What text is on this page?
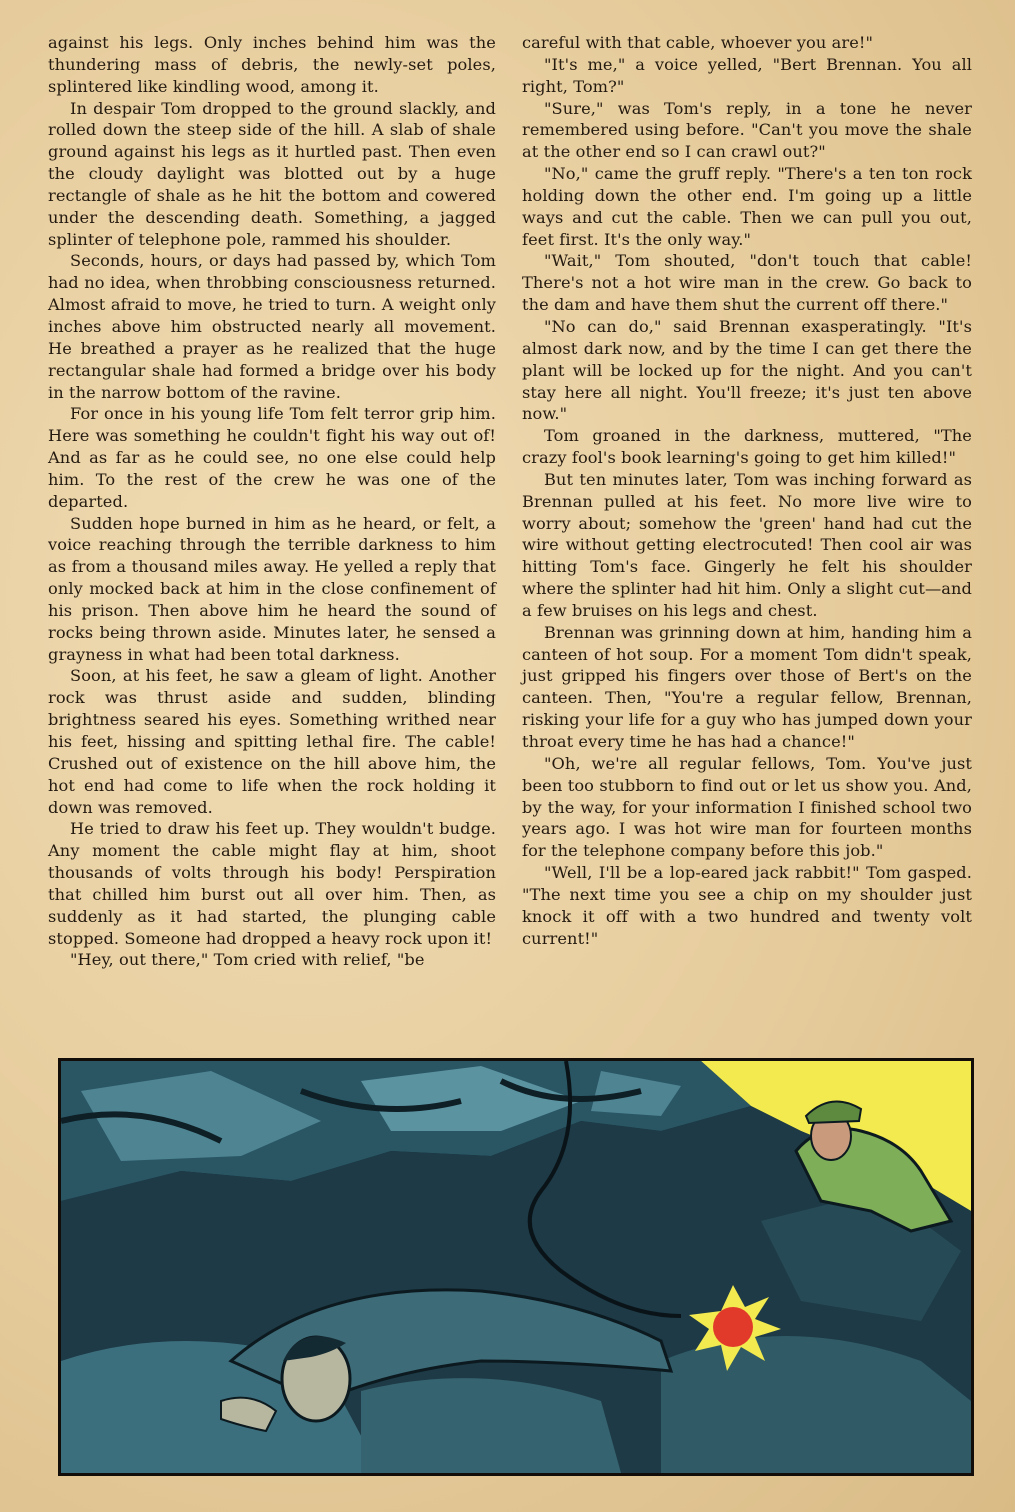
against his legs. Only inches behind him was the thundering mass of debris, the newly-set poles, splintered like kindling wood, among it.

In despair Tom dropped to the ground slackly, and rolled down the steep side of the hill. A slab of shale ground against his legs as it hurtled past. Then even the cloudy daylight was blotted out by a huge rectangle of shale as he hit the bottom and cowered under the descending death. Something, a jagged splinter of telephone pole, rammed his shoulder.

Seconds, hours, or days had passed by, which Tom had no idea, when throbbing consciousness returned. Almost afraid to move, he tried to turn. A weight only inches above him obstructed nearly all movement. He breathed a prayer as he realized that the huge rectangular shale had formed a bridge over his body in the narrow bottom of the ravine.

For once in his young life Tom felt terror grip him. Here was something he couldn't fight his way out of! And as far as he could see, no one else could help him. To the rest of the crew he was one of the departed.

Sudden hope burned in him as he heard, or felt, a voice reaching through the terrible darkness to him as from a thousand miles away. He yelled a reply that only mocked back at him in the close confinement of his prison. Then above him he heard the sound of rocks being thrown aside. Minutes later, he sensed a grayness in what had been total darkness.

Soon, at his feet, he saw a gleam of light. Another rock was thrust aside and sudden, blinding brightness seared his eyes. Something writhed near his feet, hissing and spitting lethal fire. The cable! Crushed out of existence on the hill above him, the hot end had come to life when the rock holding it down was removed.

He tried to draw his feet up. They wouldn't budge. Any moment the cable might flay at him, shoot thousands of volts through his body! Perspiration that chilled him burst out all over him. Then, as suddenly as it had started, the plunging cable stopped. Someone had dropped a heavy rock upon it!

"Hey, out there," Tom cried with relief, "be

careful with that cable, whoever you are!"

"It's me," a voice yelled, "Bert Brennan. You all right, Tom?"

"Sure," was Tom's reply, in a tone he never remembered using before. "Can't you move the shale at the other end so I can crawl out?"

"No," came the gruff reply. "There's a ten ton rock holding down the other end. I'm going up a little ways and cut the cable. Then we can pull you out, feet first. It's the only way."

"Wait," Tom shouted, "don't touch that cable! There's not a hot wire man in the crew. Go back to the dam and have them shut the current off there."

"No can do," said Brennan exasperatingly. "It's almost dark now, and by the time I can get there the plant will be locked up for the night. And you can't stay here all night. You'll freeze; it's just ten above now."

Tom groaned in the darkness, muttered, "The crazy fool's book learning's going to get him killed!"

But ten minutes later, Tom was inching forward as Brennan pulled at his feet. No more live wire to worry about; somehow the 'green' hand had cut the wire without getting electrocuted! Then cool air was hitting Tom's face. Gingerly he felt his shoulder where the splinter had hit him. Only a slight cut—and a few bruises on his legs and chest.

Brennan was grinning down at him, handing him a canteen of hot soup. For a moment Tom didn't speak, just gripped his fingers over those of Bert's on the canteen. Then, "You're a regular fellow, Brennan, risking your life for a guy who has jumped down your throat every time he has had a chance!"

"Oh, we're all regular fellows, Tom. You've just been too stubborn to find out or let us show you. And, by the way, for your information I finished school two years ago. I was hot wire man for fourteen months for the telephone company before this job."

"Well, I'll be a lop-eared jack rabbit!" Tom gasped. "The next time you see a chip on my shoulder just knock it off with a two hundred and twenty volt current!"
